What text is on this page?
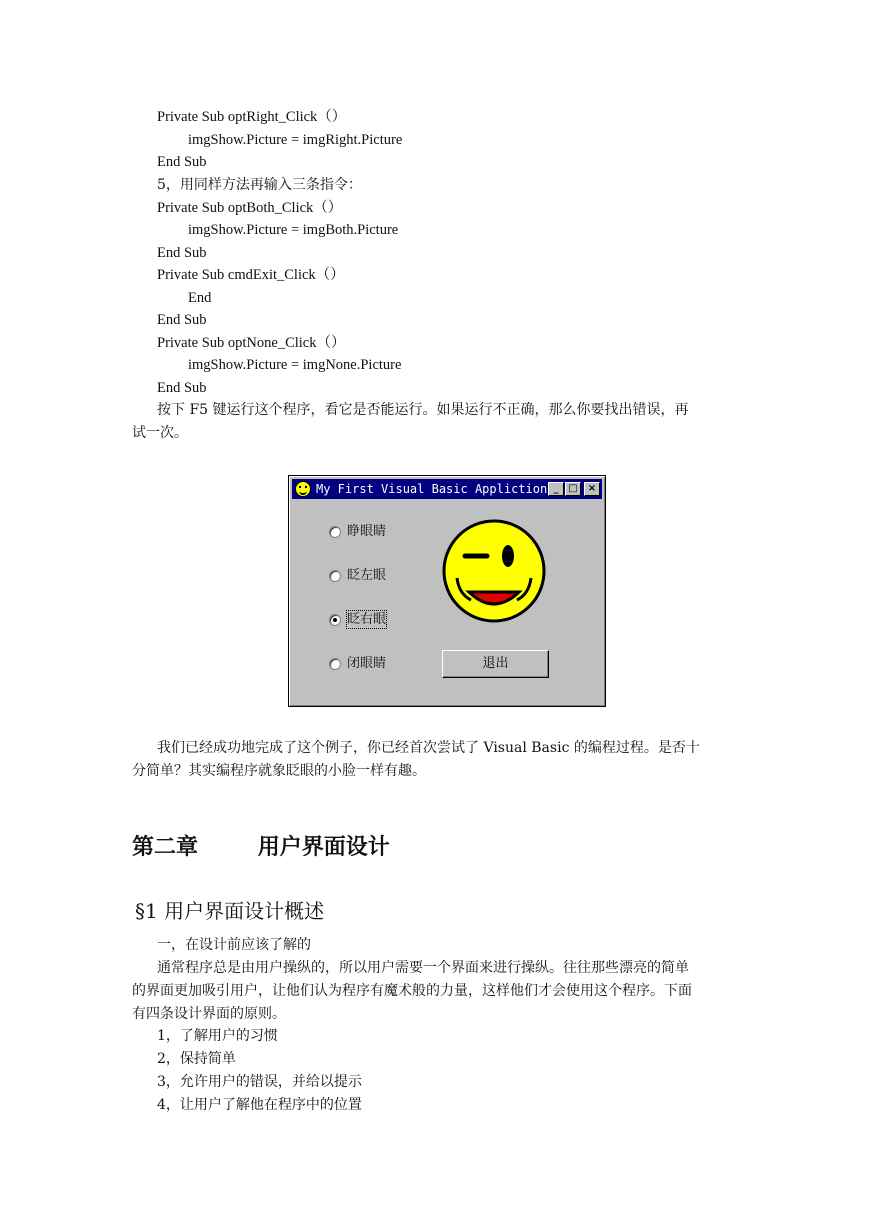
Private Sub optRight_Click（）
imgShow.Picture = imgRight.Picture
End Sub
5，用同样方法再输入三条指令：
Private Sub optBoth_Click（）
imgShow.Picture = imgBoth.Picture
End Sub
Private Sub cmdExit_Click（）
End
End Sub
Private Sub optNone_Click（）
imgShow.Picture = imgNone.Picture
End Sub
按下 F5 键运行这个程序，看它是否能运行。如果运行不正确，那么你要找出错误，再
试一次。
My First Visual Basic Appliction _ □	×
睁眼睛
眨左眼
眨右眼
闭眼睛	退出
我们已经成功地完成了这个例子，你已经首次尝试了 Visual Basic 的编程过程。是否十
分简单？其实编程序就象眨眼的小脸一样有趣。
第二章	用户界面设计
§1 用户界面设计概述
一，在设计前应该了解的
通常程序总是由用户操纵的，所以用户需要一个界面来进行操纵。往往那些漂亮的简单
的界面更加吸引用户，让他们认为程序有魔术般的力量，这样他们才会使用这个程序。下面
有四条设计界面的原则。
1，了解用户的习惯
2，保持简单
3，允许用户的错误，并给以提示
4，让用户了解他在程序中的位置
